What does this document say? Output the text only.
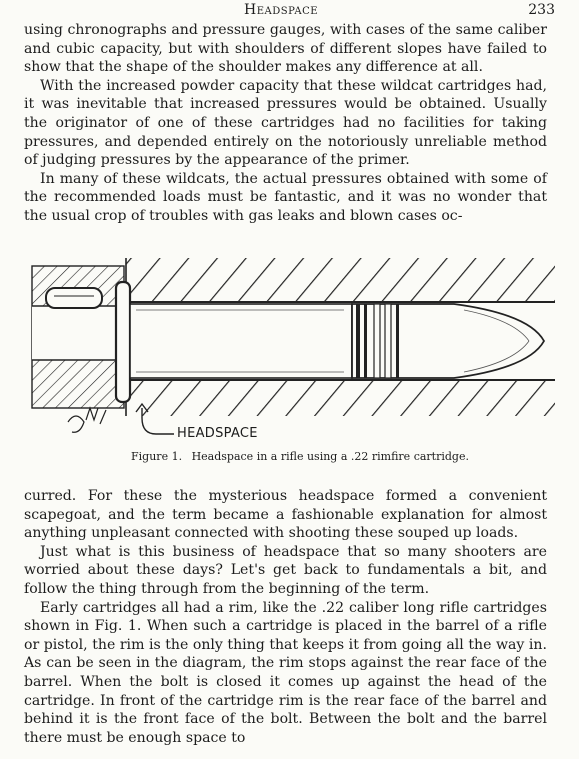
Headspace	233

using chronographs and pressure gauges, with cases of the same caliber and cubic capacity, but with shoulders of different slopes have failed to show that the shape of the shoulder makes any difference at all.

With the increased powder capacity that these wildcat cartridges had, it was inevitable that increased pressures would be obtained. Usually the originator of one of these cartridges had no facilities for taking pressures, and depended entirely on the notoriously unreliable method of judging pressures by the appearance of the primer.

In many of these wildcats, the actual pressures obtained with some of the recommended loads must be fantastic, and it was no wonder that the usual crop of troubles with gas leaks and blown cases oc-

HEADSPACE
Figure 1. Headspace in a rifle using a .22 rimfire cartridge.

curred. For these the mysterious headspace formed a convenient scapegoat, and the term became a fashionable explanation for almost anything unpleasant connected with shooting these souped up loads.

Just what is this business of headspace that so many shooters are worried about these days? Let's get back to fundamentals a bit, and follow the thing through from the beginning of the term.

Early cartridges all had a rim, like the .22 caliber long rifle cartridges shown in Fig. 1. When such a cartridge is placed in the barrel of a rifle or pistol, the rim is the only thing that keeps it from going all the way in. As can be seen in the diagram, the rim stops against the rear face of the barrel. When the bolt is closed it comes up against the head of the cartridge. In front of the cartridge rim is the rear face of the barrel and behind it is the front face of the bolt. Between the bolt and the barrel there must be enough space to
